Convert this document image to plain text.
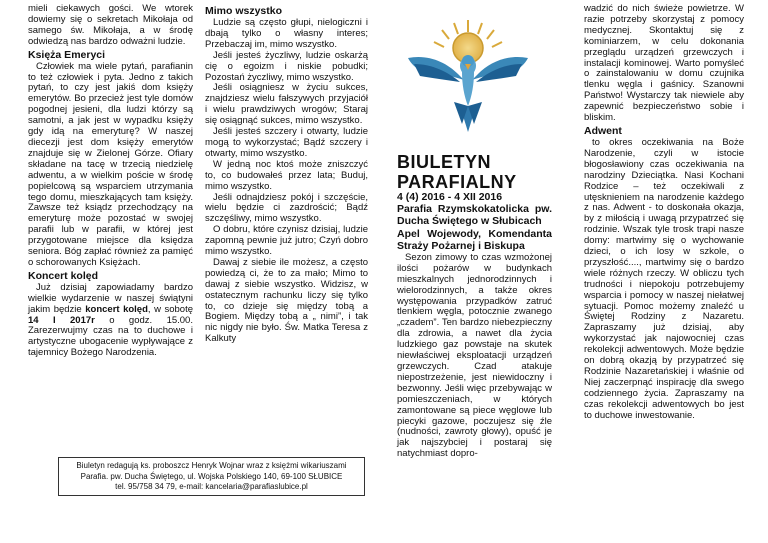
mieli ciekawych gości. We wtorek dowiemy się o sekretach Mikołaja od samego św. Mikołaja, a w środę odwiedzą nas bardzo odważni ludzie.

Księża Emeryci

Człowiek ma wiele pytań, parafianin to też człowiek i pyta. Jedno z takich pytań, to czy jest jakiś dom księży emerytów. Bo przecież jest tyle domów pogodnej jesieni, dla ludzi którzy są samotni, a jak jest w wypadku księży gdy idą na emeryturę? W naszej diecezji jest dom księży emerytów znajduje się w Zielonej Górze. Ofiary składane na tacę w trzecią niedzielę adwentu, a w wielkim poście w środę popielcową są wsparciem utrzymania tego domu, mieszkających tam księży. Zawsze też ksiądz przechodzący na emeryturę może pozostać w swojej parafii lub w parafii, w której jest przygotowane miejsce dla księdza seniora. Bóg zapłać również za pamięć o schorowanych Księżach.

Koncert kolęd

Już dzisiaj zapowiadamy bardzo wielkie wydarzenie w naszej świątyni jakim będzie koncert kolęd, w sobotę 14 I 2017r o godz. 15.00. Zarezerwujmy czas na to duchowe i artystyczne ubogacenie wypływające z tajemnicy Bożego Narodzenia.

Mimo wszystko

Ludzie są często głupi, nielogiczni i dbają tylko o własny interes; Przebaczaj im, mimo wszystko.

Jeśli jesteś życzliwy, ludzie oskarżą cię o egoizm i niskie pobudki; Pozostań życzliwy, mimo wszystko.

Jeśli osiągniesz w życiu sukces, znajdziesz wielu fałszywych przyjaciół i wielu prawdziwych wrogów; Staraj się osiągnąć sukces, mimo wszystko.

Jeśli jesteś szczery i otwarty, ludzie mogą to wykorzystać; Bądź szczery i otwarty, mimo wszystko.

W jedną noc ktoś może zniszczyć to, co budowałeś przez lata; Buduj, mimo wszystko.

Jeśli odnajdziesz pokój i szczęście, wielu będzie ci zazdrościć; Bądź szczęśliwy, mimo wszystko.

O dobru, które czynisz dzisiaj, ludzie zapomną pewnie już jutro; Czyń dobro mimo wszystko.

Dawaj z siebie ile możesz, a często powiedzą ci, że to za mało; Mimo to dawaj z siebie wszystko. Widzisz, w ostatecznym rachunku liczy się tylko to, co dzieje się między tobą a Bogiem. Między tobą a „ nimi”, i tak nic nigdy nie było. Św. Matka Teresa z Kalkuty

Biuletyn redagują ks. proboszcz Henryk Wojnar wraz z księżmi wikariuszami
Parafia. pw. Ducha Świętego, ul. Wojska Polskiego 140, 69-100 SŁUBICE
tel. 95/758 34 79, e-mail: kancelaria@parafiaslubice.pl

BIULETYN

PARAFIALNY

4 (4) 2016 - 4 XII 2016

Parafia Rzymskokatolicka pw. Ducha Świętego w Słubicach

Apel Wojewody, Komendanta Straży Pożarnej i Biskupa

Sezon zimowy to czas wzmożonej ilości pożarów w budynkach mieszkalnych jednorodzinnych i wielorodzinnych, a także okres występowania przypadków zatruć tlenkiem węgla, potocznie zwanego „czadem”. Ten bardzo niebezpieczny dla zdrowia, a nawet dla życia ludzkiego gaz powstaje na skutek niewłaściwej eksploatacji urządzeń grzewczych. Czad atakuje niepostrzeżenie, jest niewidoczny i bezwonny. Jeśli więc przebywając w pomieszczeniach, w których zamontowane są piece węglowe lub piecyki gazowe, poczujesz się źle (nudności, zawroty głowy), opuść je jak najszybciej i postaraj się natychmiast dopro-

wadzić do nich świeże powietrze. W razie potrzeby skorzystaj z pomocy medycznej. Skontaktuj się z kominiarzem, w celu dokonania przeglądu urządzeń grzewczych i instalacji kominowej. Warto pomyśleć o zainstalowaniu w domu czujnika tlenku węgla i gaśnicy. Szanowni Państwo! Wystarczy tak niewiele aby zapewnić bezpieczeństwo sobie i bliskim.

Adwent

to okres oczekiwania na Boże Narodzenie, czyli w istocie błogosławiony czas oczekiwania na narodziny Dzieciątka. Nasi Kochani Rodzice – też oczekiwali z utęsknieniem na narodzenie każdego z nas. Adwent - to doskonała okazja, by z miłością i uwagą przypatrzeć się rodzinie. Wszak tyle trosk trapi nasze domy: martwimy się o wychowanie dzieci, o ich losy w szkole, o przyszłość...., martwimy się o bardzo wiele różnych rzeczy. W obliczu tych trudności i niepokoju potrzebujemy wsparcia i pomocy w naszej niełatwej sytuacji. Pomoc możemy znaleźć u Świętej Rodziny z Nazaretu. Zapraszamy już dzisiaj, aby wykorzystać jak najowocniej czas rekolekcji adwentowych. Może będzie on dobrą okazją by przypatrzeć się Rodzinie Nazaretańskiej i właśnie od Niej zaczerpnąć inspirację dla swego codziennego życia. Zapraszamy na czas rekolekcji adwentowych bo jest to duchowe inwestowanie.
